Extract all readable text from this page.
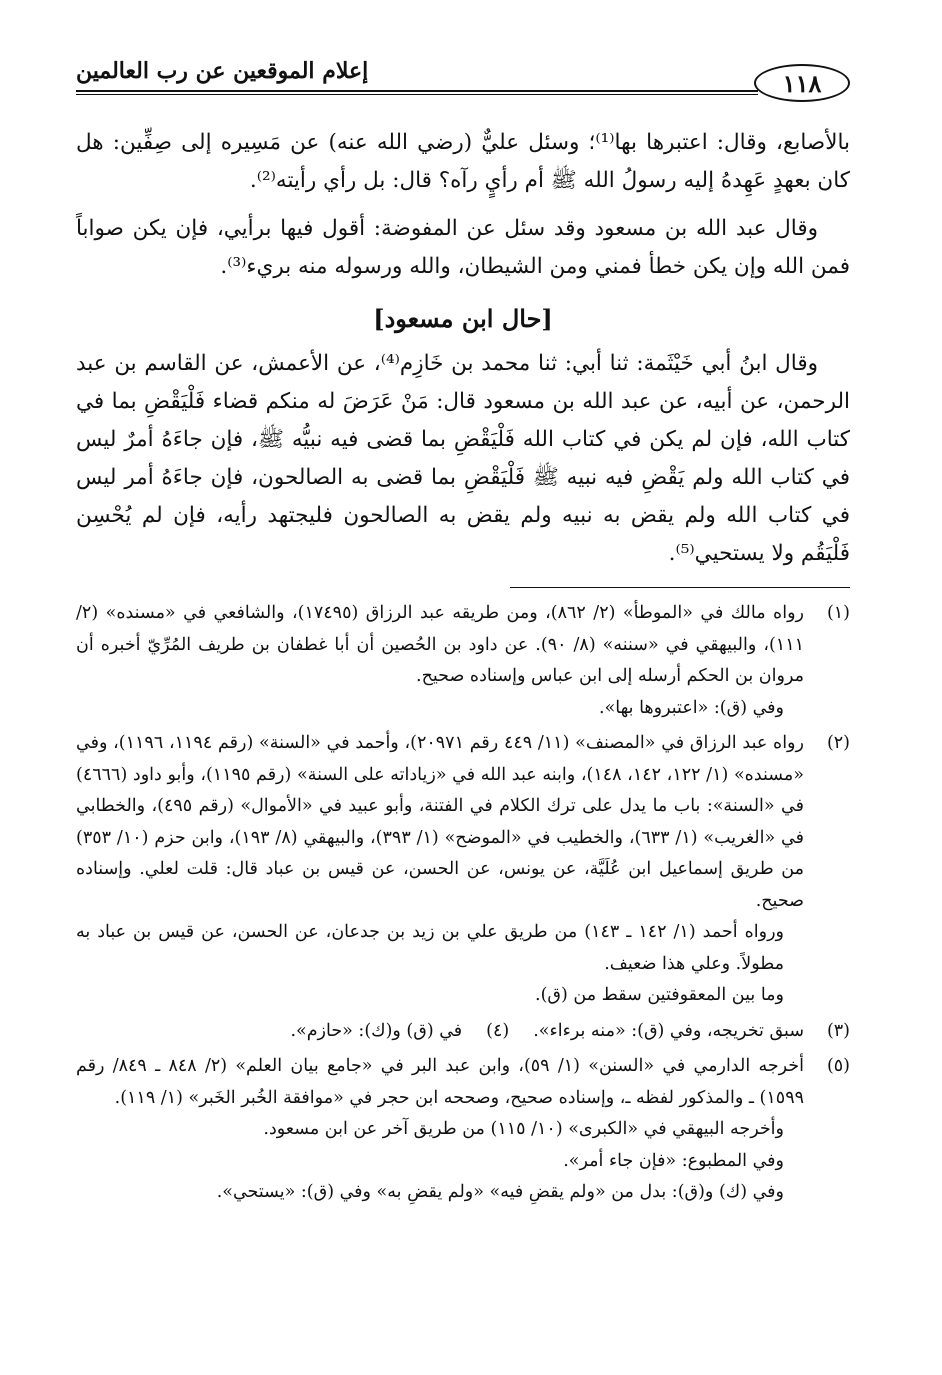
إعلام الموقعين عن رب العالمين	١١٨

بالأصابع، وقال: اعتبرها بها⁽¹⁾؛ وسئل عليٌّ (رضي الله عنه) عن مَسِيره إلى صِفِّين: هل كان بعهدٍ عَهِدهُ إليه رسولُ الله ﷺ أم رأيٍ رآه؟ قال: بل رأي رأيته⁽²⁾.

وقال عبد الله بن مسعود وقد سئل عن المفوضة: أقول فيها برأيي، فإن يكن صواباً فمن الله وإن يكن خطأ فمني ومن الشيطان، والله ورسوله منه بريء⁽³⁾.

[حال ابن مسعود]

وقال ابنُ أبي خَيْثَمة: ثنا أبي: ثنا محمد بن خَازِم⁽⁴⁾، عن الأعمش، عن القاسم بن عبد الرحمن، عن أبيه، عن عبد الله بن مسعود قال: مَنْ عَرَضَ له منكم قضاء فَلْيَقْضِ بما في كتاب الله، فإن لم يكن في كتاب الله فَلْيَقْضِ بما قضى فيه نبيُّه ﷺ، فإن جاءَهُ أمرٌ ليس في كتاب الله ولم يَقْضِ فيه نبيه ﷺ فَلْيَقْضِ بما قضى به الصالحون، فإن جاءَهُ أمر ليس في كتاب الله ولم يقض به نبيه ولم يقض به الصالحون فليجتهد رأيه، فإن لم يُحْسِن فَلْيَقُم ولا يستحيي⁽⁵⁾.

(١)
رواه مالك في «الموطأ» (٢/ ٨٦٢)، ومن طريقه عبد الرزاق (١٧٤٩٥)، والشافعي في «مسنده» (٢/ ١١١)، والبيهقي في «سننه» (٨/ ٩٠). عن داود بن الحُصين أن أبا غطفان بن طريف المُرِّيّ أخبره أن مروان بن الحكم أرسله إلى ابن عباس وإسناده صحيح.
وفي (ق): «اعتبروها بها».
(٢)
رواه عبد الرزاق في «المصنف» (١١/ ٤٤٩ رقم ٢٠٩٧١)، وأحمد في «السنة» (رقم ١١٩٤، ١١٩٦)، وفي «مسنده» (١/ ١٢٢، ١٤٢، ١٤٨)، وابنه عبد الله في «زياداته على السنة» (رقم ١١٩٥)، وأبو داود (٤٦٦٦) في «السنة»: باب ما يدل على ترك الكلام في الفتنة، وأبو عبيد في «الأموال» (رقم ٤٩٥)، والخطابي في «الغريب» (١/ ٦٣٣)، والخطيب في «الموضح» (١/ ٣٩٣)، والبيهقي (٨/ ١٩٣)، وابن حزم (١٠/ ٣٥٣) من طريق إسماعيل ابن عُلَيَّة، عن يونس، عن الحسن، عن قيس بن عباد قال: قلت لعلي. وإسناده صحيح.
ورواه أحمد (١/ ١٤٢ ـ ١٤٣) من طريق علي بن زيد بن جدعان، عن الحسن، عن قيس بن عباد به مطولاً. وعلي هذا ضعيف.
وما بين المعقوفتين سقط من (ق).
(٣)
سبق تخريجه، وفي (ق): «منه برءاء».
(٤)
في (ق) و(ك): «حازم».
(٥)
أخرجه الدارمي في «السنن» (١/ ٥٩)، وابن عبد البر في «جامع بيان العلم» (٢/ ٨٤٨ ـ ٨٤٩/ رقم ١٥٩٩) ـ والمذكور لفظه ـ، وإسناده صحيح، وصححه ابن حجر في «موافقة الخُبر الخَبر» (١/ ١١٩).
وأخرجه البيهقي في «الكبرى» (١٠/ ١١٥) من طريق آخر عن ابن مسعود.
وفي المطبوع: «فإن جاء أمر».
وفي (ك) و(ق): بدل من «ولم يقضِ فيه» «ولم يقضِ به» وفي (ق): «يستحي».
